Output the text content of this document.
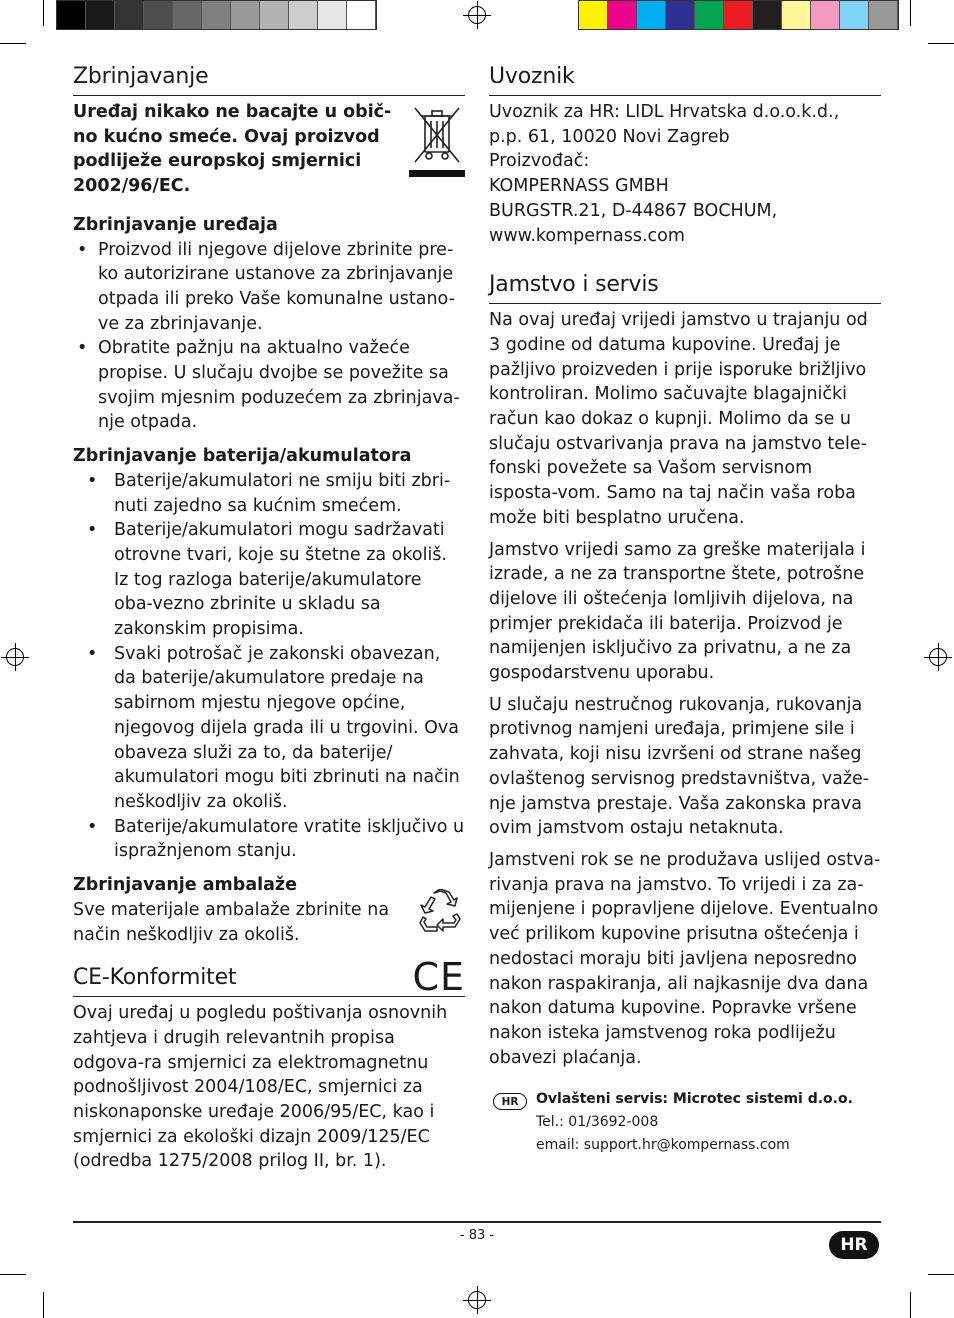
Zbrinjavanje

Uređaj nikako ne bacajte u obič-

no kućno smeće. Ovaj proizvod

podliježe europskoj smjernici

2002/96/EC.

Zbrinjavanje uređaja

• Proizvod ili njegove dijelove zbrinite pre-ko autorizirane ustanove za zbrinjavanje otpada ili preko Vaše komunalne ustano-ve za zbrinjavanje.
• Obratite pažnju na aktualno važeće propise. U slučaju dvojbe se povežite sa svojim mjesnim poduzećem za zbrinjava-nje otpada.

Zbrinjavanje baterija/akumulatora

• Baterije/akumulatori ne smiju biti zbri-nuti zajedno sa kućnim smećem.
• Baterije/akumulatori mogu sadržavati otrovne tvari, koje su štetne za okoliš. Iz tog razloga baterije/akumulatore oba-vezno zbrinite u skladu sa zakonskim propisima.
• Svaki potrošač je zakonski obavezan, da baterije/akumulatore predaje na sabirnom mjestu njegove općine, njegovog dijela grada ili u trgovini. Ova obaveza služi za to, da baterije/ akumulatori mogu biti zbrinuti na način neškodljiv za okoliš.
• Baterije/akumulatore vratite isključivo u ispražnjenom stanju.

Zbrinjavanje ambalaže

Sve materijale ambalaže zbrinite na

način neškodljiv za okoliš.

CE-Konformitet	CE

Ovaj uređaj u pogledu poštivanja osnovnih zahtjeva i drugih relevantnih propisa odgova-ra smjernici za elektromagnetnu podnošljivost 2004/108/EC, smjernici za niskonaponske uređaje 2006/95/EC, kao i smjernici za ekološki dizajn 2009/125/EC (odredba 1275/2008 prilog II, br. 1).

Uvoznik

Uvoznik za HR: LIDL Hrvatska d.o.o.k.d.,

p.p. 61, 10020 Novi Zagreb

Proizvođač:

KOMPERNASS GMBH

BURGSTR.21, D-44867 BOCHUM,

www.kompernass.com

Jamstvo i servis

Na ovaj uređaj vrijedi jamstvo u trajanju od 3 godine od datuma kupovine. Uređaj je pažljivo proizveden i prije isporuke brižljivo kontroliran. Molimo sačuvajte blagajnički račun kao dokaz o kupnji. Molimo da se u slučaju ostvarivanja prava na jamstvo tele-fonski povežete sa Vašom servisnom isposta-vom. Samo na taj način vaša roba može biti besplatno uručena.

Jamstvo vrijedi samo za greške materijala i izrade, a ne za transportne štete, potrošne dijelove ili oštećenja lomljivih dijelova, na primjer prekidača ili baterija. Proizvod je namijenjen isključivo za privatnu, a ne za gospodarstvenu uporabu.

U slučaju nestručnog rukovanja, rukovanja protivnog namjeni uređaja, primjene sile i zahvata, koji nisu izvršeni od strane našeg ovlaštenog servisnog predstavništva, važe-nje jamstva prestaje. Vaša zakonska prava ovim jamstvom ostaju netaknuta.

Jamstveni rok se ne produžava uslijed ostva-rivanja prava na jamstvo. To vrijedi i za za-mijenjene i popravljene dijelove. Eventualno već prilikom kupovine prisutna oštećenja i nedostaci moraju biti javljena neposredno nakon raspakiranja, ali najkasnije dva dana nakon datuma kupovine. Popravke vršene nakon isteka jamstvenog roka podliježu obavezi plaćanja.

HR	Ovlašteni servis: Microtec sistemi d.o.o.

Tel.: 01/3692-008

email: support.hr@kompernass.com

- 83 -	HR
